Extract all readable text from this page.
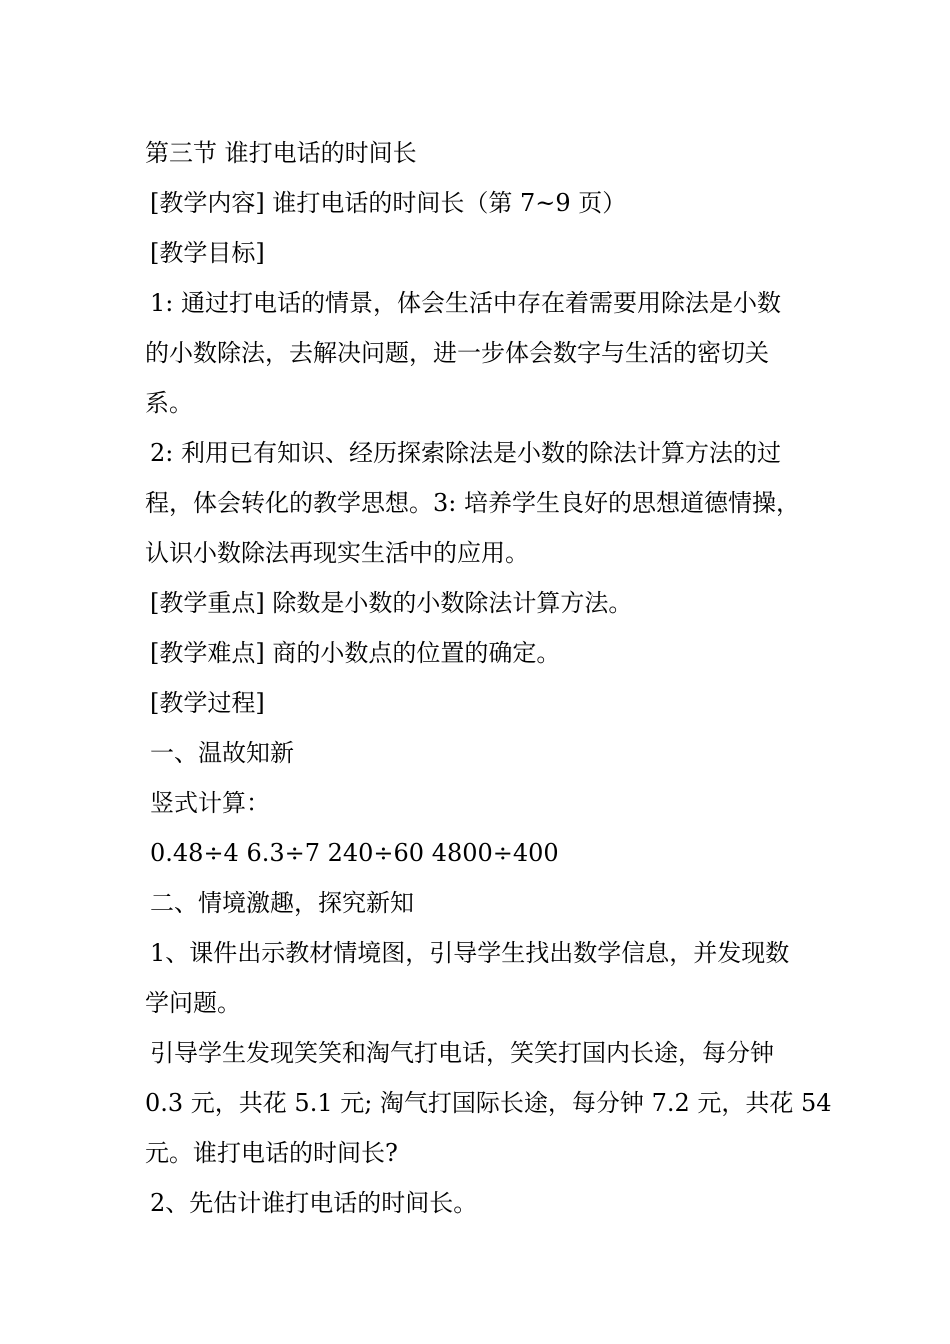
第三节 谁打电话的时间长
[教学内容] 谁打电话的时间长（第 7~9 页）
[教学目标]
1: 通过打电话的情景，体会生活中存在着需要用除法是小数
的小数除法，去解决问题，进一步体会数字与生活的密切关
系。
2: 利用已有知识、经历探索除法是小数的除法计算方法的过
程，体会转化的教学思想。3: 培养学生良好的思想道德情操，
认识小数除法再现实生活中的应用。
[教学重点] 除数是小数的小数除法计算方法。
[教学难点] 商的小数点的位置的确定。
[教学过程]
一、温故知新
竖式计算：
0.48÷4 6.3÷7 240÷60 4800÷400
二、情境激趣，探究新知
1、课件出示教材情境图，引导学生找出数学信息，并发现数
学问题。
引导学生发现笑笑和淘气打电话，笑笑打国内长途，每分钟
0.3 元，共花 5.1 元; 淘气打国际长途，每分钟 7.2 元，共花 54
元。谁打电话的时间长?
2、先估计谁打电话的时间长。
